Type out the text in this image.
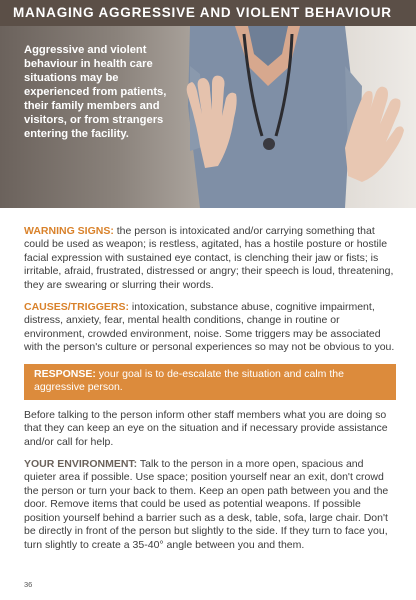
MANAGING AGGRESSIVE AND VIOLENT BEHAVIOUR

Aggressive and violent behaviour in health care situations may be experienced from patients, their family members and visitors, or from strangers entering the facility.

WARNING SIGNS: the person is intoxicated and/or carrying something that could be used as weapon; is restless, agitated, has a hostile posture or hostile facial expression with sustained eye contact, is clenching their jaw or fists; is irritable, afraid, frustrated, distressed or angry; their speech is loud, threatening, they are swearing or slurring their words.

CAUSES/TRIGGERS: intoxication, substance abuse, cognitive impairment, distress, anxiety, fear, mental health conditions, change in routine or environment, crowded environment, noise. Some triggers may be associated with the person's culture or personal experiences so may not be obvious to you.

RESPONSE: your goal is to de-escalate the situation and calm the aggressive person.

Before talking to the person inform other staff members what you are doing so that they can keep an eye on the situation and if necessary provide assistance and/or call for help.

YOUR ENVIRONMENT: Talk to the person in a more open, spacious and quieter area if possible. Use space; position yourself near an exit, don't crowd the person or turn your back to them. Keep an open path between you and the door. Remove items that could be used as potential weapons. If possible position yourself behind a barrier such as a desk, table, sofa, large chair. Don't be directly in front of the person but slightly to the side. If they turn to face you, turn slightly to create a 35-40° angle between you and them.

36
